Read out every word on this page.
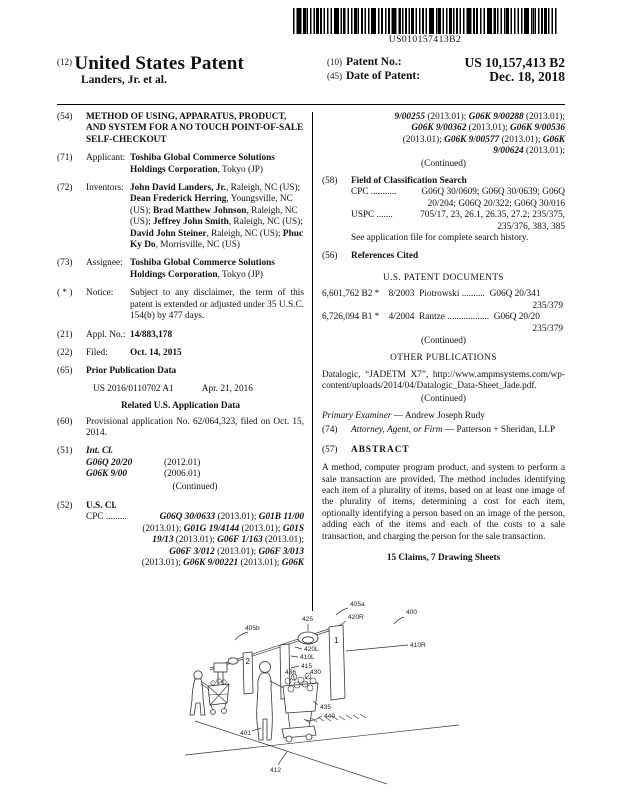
US010157413B2
(12) United States Patent
Landers, Jr. et al.
(10) Patent No.:	US 10,157,413 B2
(45) Date of Patent:	Dec. 18, 2018
(54)	METHOD OF USING, APPARATUS, PRODUCT, AND SYSTEM FOR A NO TOUCH POINT-OF-SALE SELF-CHECKOUT
(71)	Applicant: Toshiba Global Commerce Solutions Holdings Corporation, Tokyo (JP)
(72)	Inventors: John David Landers, Jr., Raleigh, NC (US); Dean Frederick Herring, Youngsville, NC (US); Brad Matthew Johnson, Raleigh, NC (US); Jeffrey John Smith, Raleigh, NC (US); David John Steiner, Raleigh, NC (US); Phuc Ky Do, Morrisville, NC (US)
(73)	Assignee: Toshiba Global Commerce Solutions Holdings Corporation, Tokyo (JP)
( * )	Notice:	Subject to any disclaimer, the term of this patent is extended or adjusted under 35 U.S.C. 154(b) by 477 days.
(21)	Appl. No.: 14/883,178
(22)	Filed:	Oct. 14, 2015
(65)	Prior Publication Data
US 2016/0110702 A1	Apr. 21, 2016
Related U.S. Application Data
(60)	Provisional application No. 62/064,323, filed on Oct. 15, 2014.
(51)	Int. Cl.
G06Q 20/20	(2012.01)
G06K 9/00	(2006.01)
(Continued)
(52)	U.S. Cl.
CPC .........	G06Q 30/0633 (2013.01); G01B 11/00
(2013.01); G01G 19/4144 (2013.01); G01S
19/13 (2013.01); G06F 1/163 (2013.01);
G06F 3/012 (2013.01); G06F 3/013
(2013.01); G06K 9/00221 (2013.01); G06K
9/00255 (2013.01); G06K 9/00288 (2013.01);
G06K 9/00362 (2013.01); G06K 9/00536
(2013.01); G06K 9/00577 (2013.01); G06K
9/00624 (2013.01);
(Continued)
(58)	Field of Classification Search
CPC ...........	G06Q 30/0609; G06Q 30/0639; G06Q
20/204; G06Q 20/322; G06Q 30/016
USPC .......	705/17, 23, 26.1, 26.35, 27.2; 235/375,
235/376, 383, 385
See application file for complete search history.
(56)	References Cited
U.S. PATENT DOCUMENTS
6,601,762 B2 *    8/2003  Piotrowski ..........  G06Q 20/341
235/379
6,726,094 B1 *    4/2004  Rantze ..................  G06Q 20/20
235/379
(Continued)
OTHER PUBLICATIONS
Datalogic, “JADETM X7”, http://www.ampmsystems.com/wp-content/uploads/2014/04/Datalogic_Data-Sheet_Jade.pdf.
(Continued)
Primary Examiner — Andrew Joseph Rudy
(74)	Attorney, Agent, or Firm — Patterson + Sheridan, LLP
(57)	ABSTRACT
A method, computer program product, and system to perform a sale transaction are provided. The method includes identifying each item of a plurality of items, based on at least one image of the plurality of items, determining a cost for each item, optionally identifying a person based on an image of the person, adding each of the items and each of the costs to a sale transaction, and charging the person for the sale transaction.
15 Claims, 7 Drawing Sheets
1
2
405a
400
425	420R
410R
405b
420L
410L
415
436 430
435
440
401
412
